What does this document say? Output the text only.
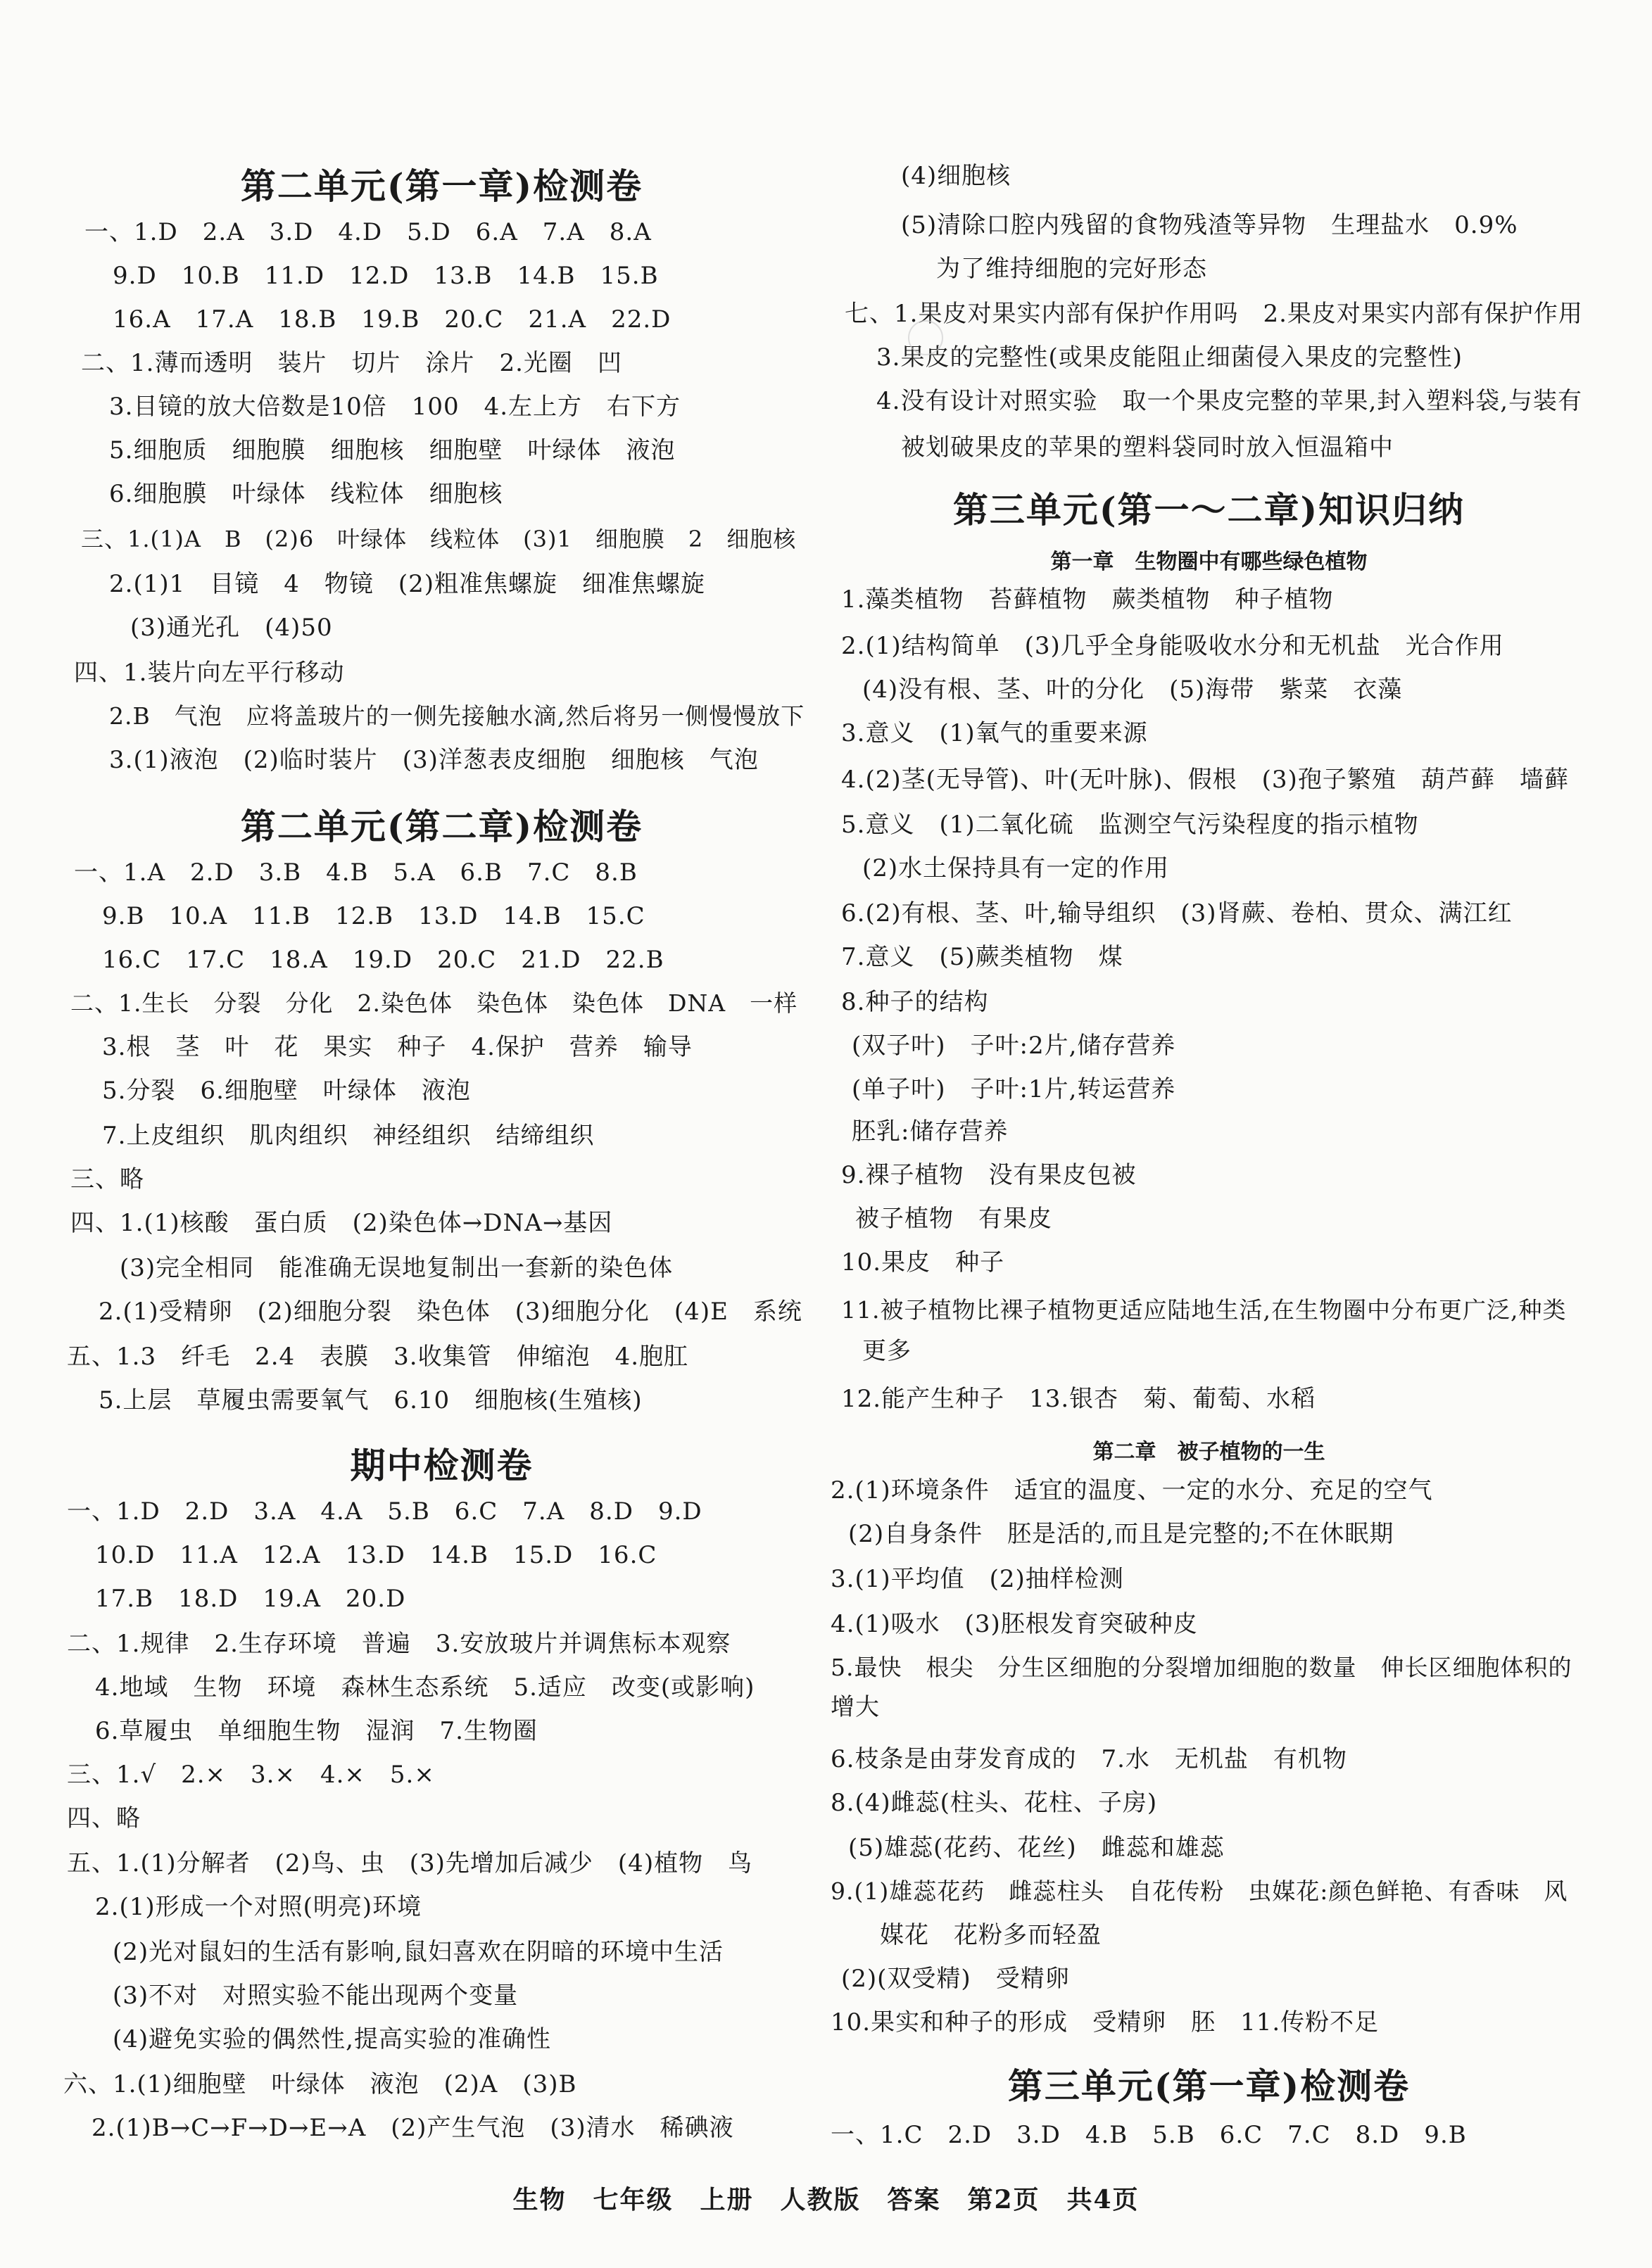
第二单元(第一章)检测卷
一、1.D　2.A　3.D　4.D　5.D　6.A　7.A　8.A
9.D　10.B　11.D　12.D　13.B　14.B　15.B
16.A　17.A　18.B　19.B　20.C　21.A　22.D
二、1.薄而透明　装片　切片　涂片　2.光圈　凹
3.目镜的放大倍数是10倍　100　4.左上方　右下方
5.细胞质　细胞膜　细胞核　细胞壁　叶绿体　液泡
6.细胞膜　叶绿体　线粒体　细胞核
三、1.(1)A　B　(2)6　叶绿体　线粒体　(3)1　细胞膜　2　细胞核
2.(1)1　目镜　4　物镜　(2)粗准焦螺旋　细准焦螺旋
(3)通光孔　(4)50
四、1.装片向左平行移动
2.B　气泡　应将盖玻片的一侧先接触水滴,然后将另一侧慢慢放下
3.(1)液泡　(2)临时装片　(3)洋葱表皮细胞　细胞核　气泡
第二单元(第二章)检测卷
一、1.A　2.D　3.B　4.B　5.A　6.B　7.C　8.B
9.B　10.A　11.B　12.B　13.D　14.B　15.C
16.C　17.C　18.A　19.D　20.C　21.D　22.B
二、1.生长　分裂　分化　2.染色体　染色体　染色体　DNA　一样
3.根　茎　叶　花　果实　种子　4.保护　营养　输导
5.分裂　6.细胞壁　叶绿体　液泡
7.上皮组织　肌肉组织　神经组织　结缔组织
三、略
四、1.(1)核酸　蛋白质　(2)染色体→DNA→基因
(3)完全相同　能准确无误地复制出一套新的染色体
2.(1)受精卵　(2)细胞分裂　染色体　(3)细胞分化　(4)E　系统
五、1.3　纤毛　2.4　表膜　3.收集管　伸缩泡　4.胞肛
5.上层　草履虫需要氧气　6.10　细胞核(生殖核)
期中检测卷
一、1.D　2.D　3.A　4.A　5.B　6.C　7.A　8.D　9.D
10.D　11.A　12.A　13.D　14.B　15.D　16.C
17.B　18.D　19.A　20.D
二、1.规律　2.生存环境　普遍　3.安放玻片并调焦标本观察
4.地域　生物　环境　森林生态系统　5.适应　改变(或影响)
6.草履虫　单细胞生物　湿润　7.生物圈
三、1.√　2.×　3.×　4.×　5.×
四、略
五、1.(1)分解者　(2)鸟、虫　(3)先增加后减少　(4)植物　鸟
2.(1)形成一个对照(明亮)环境
(2)光对鼠妇的生活有影响,鼠妇喜欢在阴暗的环境中生活
(3)不对　对照实验不能出现两个变量
(4)避免实验的偶然性,提高实验的准确性
六、1.(1)细胞壁　叶绿体　液泡　(2)A　(3)B
2.(1)B→C→F→D→E→A　(2)产生气泡　(3)清水　稀碘液
(4)细胞核
(5)清除口腔内残留的食物残渣等异物　生理盐水　0.9%
为了维持细胞的完好形态
七、1.果皮对果实内部有保护作用吗　2.果皮对果实内部有保护作用
3.果皮的完整性(或果皮能阻止细菌侵入果皮的完整性)
4.没有设计对照实验　取一个果皮完整的苹果,封入塑料袋,与装有
被划破果皮的苹果的塑料袋同时放入恒温箱中
第三单元(第一～二章)知识归纳
第一章　生物圈中有哪些绿色植物
1.藻类植物　苔藓植物　蕨类植物　种子植物
2.(1)结构简单　(3)几乎全身能吸收水分和无机盐　光合作用
(4)没有根、茎、叶的分化　(5)海带　紫菜　衣藻
3.意义　(1)氧气的重要来源
4.(2)茎(无导管)、叶(无叶脉)、假根　(3)孢子繁殖　葫芦藓　墙藓
5.意义　(1)二氧化硫　监测空气污染程度的指示植物
(2)水土保持具有一定的作用
6.(2)有根、茎、叶,输导组织　(3)肾蕨、卷柏、贯众、满江红
7.意义　(5)蕨类植物　煤
8.种子的结构
(双子叶)　子叶:2片,储存营养
(单子叶)　子叶:1片,转运营养
胚乳:储存营养
9.裸子植物　没有果皮包被
被子植物　有果皮
10.果皮　种子
11.被子植物比裸子植物更适应陆地生活,在生物圈中分布更广泛,种类
更多
12.能产生种子　13.银杏　菊、葡萄、水稻
第二章　被子植物的一生
2.(1)环境条件　适宜的温度、一定的水分、充足的空气
(2)自身条件　胚是活的,而且是完整的;不在休眠期
3.(1)平均值　(2)抽样检测
4.(1)吸水　(3)胚根发育突破种皮
5.最快　根尖　分生区细胞的分裂增加细胞的数量　伸长区细胞体积的
增大
6.枝条是由芽发育成的　7.水　无机盐　有机物
8.(4)雌蕊(柱头、花柱、子房)
(5)雄蕊(花药、花丝)　雌蕊和雄蕊
9.(1)雄蕊花药　雌蕊柱头　自花传粉　虫媒花:颜色鲜艳、有香味　风
媒花　花粉多而轻盈
(2)(双受精)　受精卵
10.果实和种子的形成　受精卵　胚　11.传粉不足
第三单元(第一章)检测卷
一、1.C　2.D　3.D　4.B　5.B　6.C　7.C　8.D　9.B
生物　七年级　上册　人教版　答案　第2页　共4页
